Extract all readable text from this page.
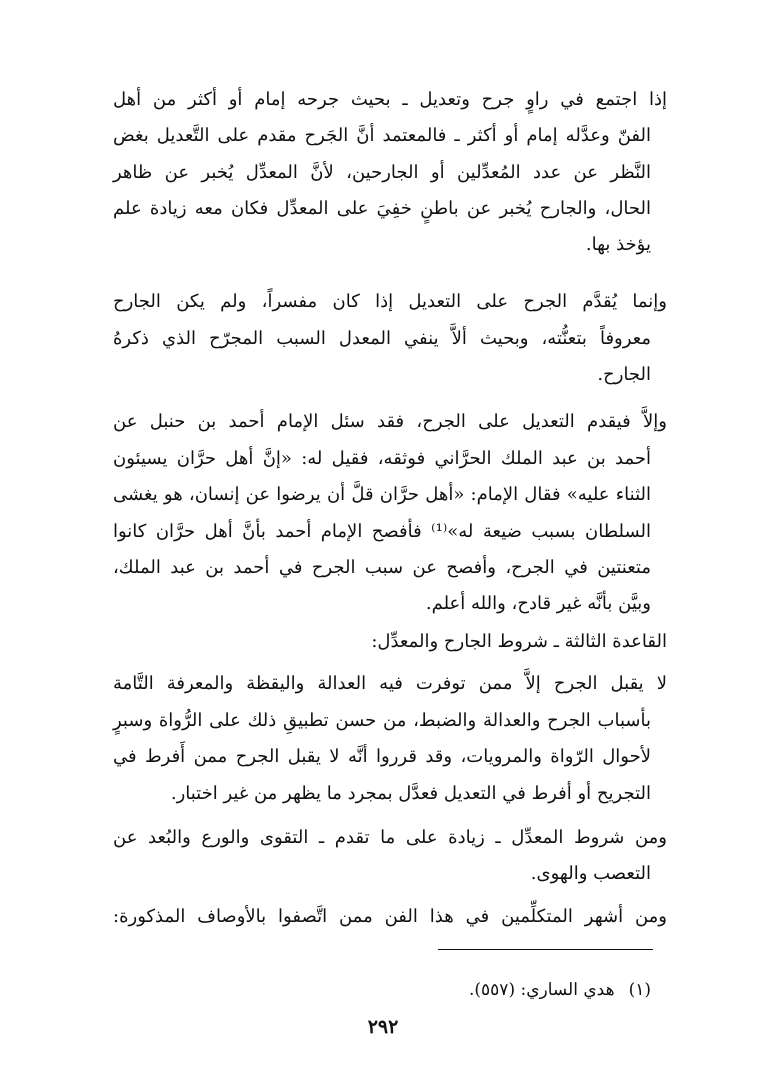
إذا اجتمع في راوٍ جرح وتعديل ـ بحيث جرحه إمام أو أكثر من أهل
الفنّ وعدَّله إمام أو أكثر ـ فالمعتمد أنَّ الجَرح مقدم على التَّعديل بغض
النَّظر عن عدد المُعدِّلين أو الجارحين، لأنَّ المعدِّل يُخبر عن ظاهر
الحال، والجارح يُخبر عن باطنٍ خفِيَ على المعدِّل فكان معه زيادة علم
يؤخذ بها.
وإنما يُقدَّم الجرح على التعديل إذا كان مفسراً، ولم يكن الجارح
معروفاً بتعنُّته، وبحيث ألاَّ ينفي المعدل السبب المجرّح الذي ذكرهُ
الجارح.
وإلاَّ فيقدم التعديل على الجرح، فقد سئل الإمام أحمد بن حنبل عن
أحمد بن عبد الملك الحرَّاني فوثقه، فقيل له: «إنَّ أهل حرَّان يسيئون
الثناء عليه» فقال الإمام: «أهل حرَّان قلَّ أن يرضوا عن إنسان، هو يغشى
السلطان بسبب ضيعة له»⁽¹⁾ فأفصح الإمام أحمد بأنَّ أهل حرَّان كانوا
متعنتين في الجرح، وأفصح عن سبب الجرح في أحمد بن عبد الملك،
وبيَّن بأنَّه غير قادح، والله أعلم.
القاعدة الثالثة ـ شروط الجارح والمعدِّل:
لا يقبل الجرح إلاَّ ممن توفرت فيه العدالة واليقظة والمعرفة التَّامة
بأسباب الجرح والعدالة والضبط، من حسن تطبيقِ ذلك على الرُّواة وسبرٍ
لأحوال الرّواة والمرويات، وقد قرروا أنَّه لا يقبل الجرح ممن أَفرط في
التجريح أو أفرط في التعديل فعدَّل بمجرد ما يظهر من غير اختبار.
ومن شروط المعدِّل ـ زيادة على ما تقدم ـ التقوى والورع والبُعد عن
التعصب والهوى.
ومن أشهر المتكلِّمين في هذا الفن ممن اتَّصفوا بالأوصاف المذكورة:
(١)هدي الساري: (٥٥٧).
٢٩٢
